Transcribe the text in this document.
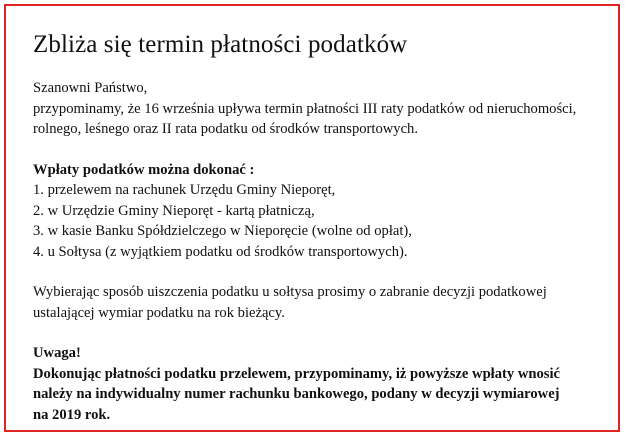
Zbliża się termin płatności podatków

Szanowni Państwo,
przypominamy, że 16 września upływa termin płatności III raty podatków od nieruchomości,
rolnego, leśnego oraz II rata podatku od środków transportowych.

Wpłaty podatków można dokonać :
1. przelewem na rachunek Urzędu Gminy Nieporęt,
2. w Urzędzie Gminy Nieporęt - kartą płatniczą,
3. w kasie Banku Spółdzielczego w Nieporęcie (wolne od opłat),
4. u Sołtysa (z wyjątkiem podatku od środków transportowych).

Wybierając sposób uiszczenia podatku u sołtysa prosimy o zabranie decyzji podatkowej
ustalającej wymiar podatku na rok bieżący.

Uwaga!
Dokonując płatności podatku przelewem, przypominamy, iż powyższe wpłaty wnosić
należy na indywidualny numer rachunku bankowego, podany w decyzji wymiarowej
na 2019 rok.
